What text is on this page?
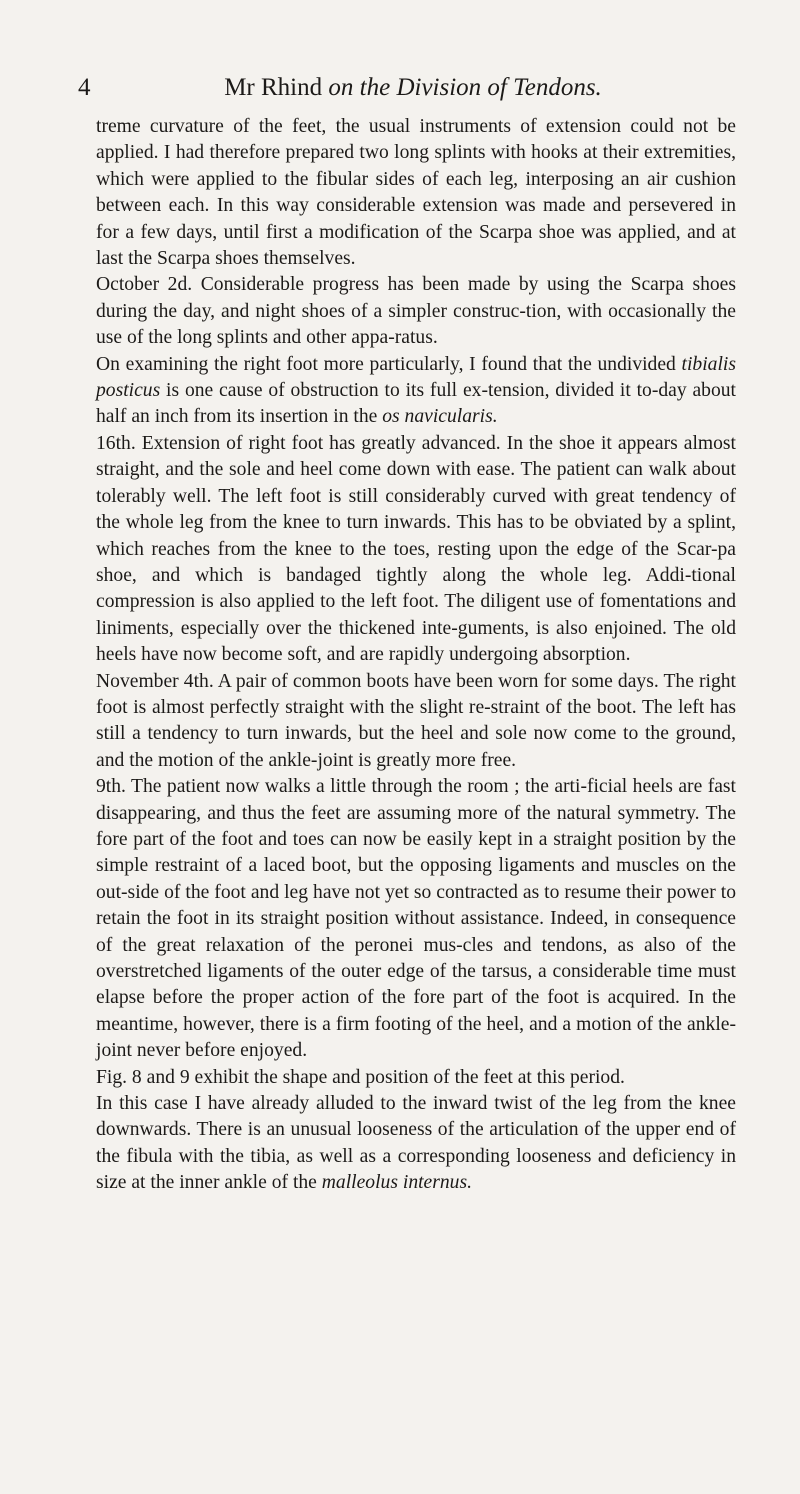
4	Mr Rhind on the Division of Tendons.

treme curvature of the feet, the usual instruments of extension could not be applied. I had therefore prepared two long splints with hooks at their extremities, which were applied to the fibular sides of each leg, interposing an air cushion between each. In this way considerable extension was made and persevered in for a few days, until first a modification of the Scarpa shoe was applied, and at last the Scarpa shoes themselves.

October 2d. Considerable progress has been made by using the Scarpa shoes during the day, and night shoes of a simpler construc-tion, with occasionally the use of the long splints and other appa-ratus.

On examining the right foot more particularly, I found that the undivided tibialis posticus is one cause of obstruction to its full ex-tension, divided it to-day about half an inch from its insertion in the os navicularis.

16th. Extension of right foot has greatly advanced. In the shoe it appears almost straight, and the sole and heel come down with ease. The patient can walk about tolerably well. The left foot is still considerably curved with great tendency of the whole leg from the knee to turn inwards. This has to be obviated by a splint, which reaches from the knee to the toes, resting upon the edge of the Scar-pa shoe, and which is bandaged tightly along the whole leg. Addi-tional compression is also applied to the left foot. The diligent use of fomentations and liniments, especially over the thickened inte-guments, is also enjoined. The old heels have now become soft, and are rapidly undergoing absorption.

November 4th. A pair of common boots have been worn for some days. The right foot is almost perfectly straight with the slight re-straint of the boot. The left has still a tendency to turn inwards, but the heel and sole now come to the ground, and the motion of the ankle-joint is greatly more free.

9th. The patient now walks a little through the room ; the arti-ficial heels are fast disappearing, and thus the feet are assuming more of the natural symmetry. The fore part of the foot and toes can now be easily kept in a straight position by the simple restraint of a laced boot, but the opposing ligaments and muscles on the out-side of the foot and leg have not yet so contracted as to resume their power to retain the foot in its straight position without assistance. Indeed, in consequence of the great relaxation of the peronei mus-cles and tendons, as also of the overstretched ligaments of the outer edge of the tarsus, a considerable time must elapse before the proper action of the fore part of the foot is acquired. In the meantime, however, there is a firm footing of the heel, and a motion of the ankle-joint never before enjoyed.

Fig. 8 and 9 exhibit the shape and position of the feet at this period.

In this case I have already alluded to the inward twist of the leg from the knee downwards. There is an unusual looseness of the articulation of the upper end of the fibula with the tibia, as well as a corresponding looseness and deficiency in size at the inner ankle of the malleolus internus.
